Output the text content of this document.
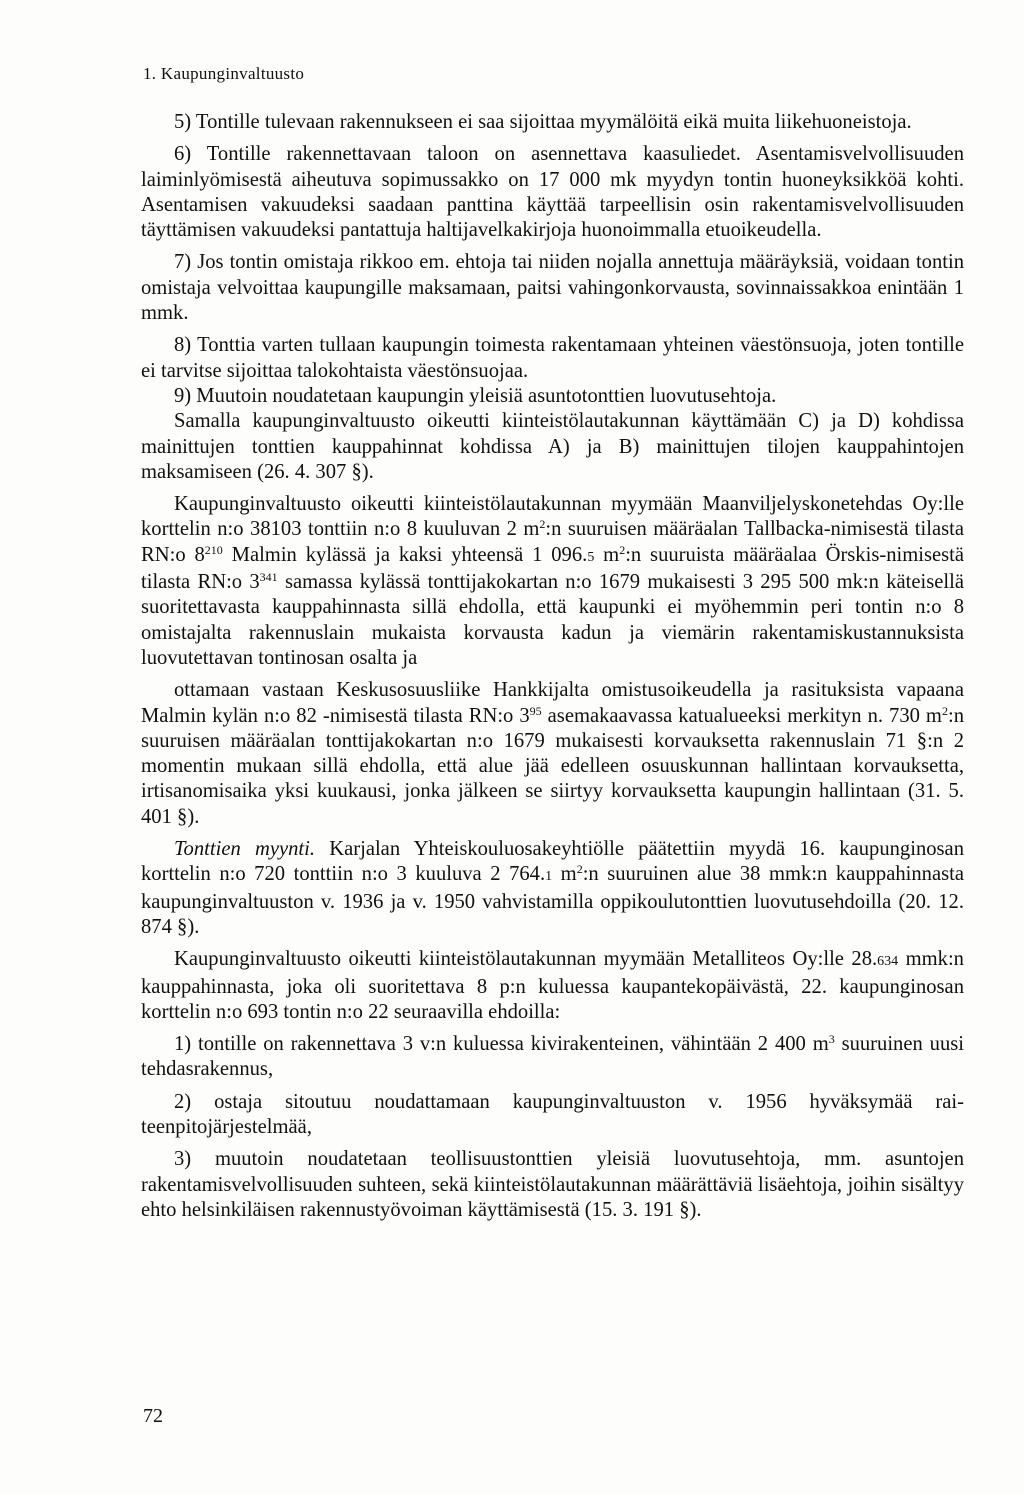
1. Kaupunginvaltuusto

5) Tontille tulevaan rakennukseen ei saa sijoittaa myymälöitä eikä muita liikehuoneistoja.

6) Tontille rakennettavaan taloon on asennettava kaasuliedet. Asentamisvelvollisuuden laiminlyömisestä aiheutuva sopimussakko on 17 000 mk myydyn tontin huoneyksikköä kohti. Asentamisen vakuudeksi saadaan panttina käyttää tarpeellisin osin rakentamisvelvollisuuden täyttämisen vakuudeksi pantattuja haltijavelkakirjoja huonoimmalla etuoikeudella.

7) Jos tontin omistaja rikkoo em. ehtoja tai niiden nojalla annettuja määräyksiä, voidaan tontin omistaja velvoittaa kaupungille maksamaan, paitsi vahingonkorvausta, sovinnaissakkoa enintään 1 mmk.

8) Tonttia varten tullaan kaupungin toimesta rakentamaan yhteinen väestönsuoja, joten tontille ei tarvitse sijoittaa talokohtaista väestönsuojaa.

9) Muutoin noudatetaan kaupungin yleisiä asuntotonttien luovutusehtoja.

Samalla kaupunginvaltuusto oikeutti kiinteistölautakunnan käyttämään C) ja D) kohdissa mainittujen tonttien kauppahinnat kohdissa A) ja B) mainittujen tilojen kauppahintojen maksamiseen (26. 4. 307 §).

Kaupunginvaltuusto oikeutti kiinteistölautakunnan myymään Maanviljelyskonetehdas Oy:lle korttelin n:o 38103 tonttiin n:o 8 kuuluvan 2 $m^2:n$ suuruisen määräalan Tallbacka-nimisestä tilasta RN:o $8^{210}$ Malmin kylässä ja kaksi yhteensä 1 096.5 $m^2:n$ suuruista määräalaa Örskis-nimisestä tilasta RN:o $3^{341}$ samassa kylässä tonttijakokartan n:o 1679 mukaisesti 3 295 500 mk:n käteisellä suoritettavasta kauppahinnasta sillä ehdolla, että kaupunki ei myöhemmin peri tontin n:o 8 omistajalta rakennuslain mukaista korvausta kadun ja viemärin rakentamiskustannuksista luovutettavan tontinosan osalta ja

ottamaan vastaan Keskusosuusliike Hankkijalta omistusoikeudella ja rasituksista vapaana Malmin kylän n:o 82 -nimisestä tilasta RN:o $3^{95}$ asemakaavassa katualueeksi merkityn n. 730 $m^2:n$ suuruisen määräalan tonttijakokartan n:o 1679 mukaisesti korvauksetta rakennuslain 71 §:n 2 momentin mukaan sillä ehdolla, että alue jää edelleen osuuskunnan hallintaan korvauksetta, irtisanomisaika yksi kuukausi, jonka jälkeen se siirtyy korvauksetta kaupungin hallintaan (31. 5. 401 §).

Tonttien myynti. Karjalan Yhteiskouluosakeyhtiölle päätettiin myydä 16. kaupunginosan korttelin n:o 720 tonttiin n:o 3 kuuluva 2 764.1 $m^2:n$ suuruinen alue 38 mmk:n kauppahinnasta kaupunginvaltuuston v. 1936 ja v. 1950 vahvistamilla oppikoulutonttien luovutusehdoilla (20. 12. 874 §).

Kaupunginvaltuusto oikeutti kiinteistölautakunnan myymään Metalliteos Oy:lle 28.634 mmk:n kauppahinnasta, joka oli suoritettava 8 p:n kuluessa kaupantekopäivästä, 22. kaupunginosan korttelin n:o 693 tontin n:o 22 seuraavilla ehdoilla:

1) tontille on rakennettava 3 v:n kuluessa kivirakenteinen, vähintään 2 400 $m^3$ suuruinen uusi tehdasrakennus,

2) ostaja sitoutuu noudattamaan kaupunginvaltuuston v. 1956 hyväksymää raiteenpitojärjestelmää,

3) muutoin noudatetaan teollisuustonttien yleisiä luovutusehtoja, mm. asuntojen rakentamisvelvollisuuden suhteen, sekä kiinteistölautakunnan määrättäviä lisäehtoja, joihin sisältyy ehto helsinkiläisen rakennustyövoiman käyttämisestä (15. 3. 191 §).

72
